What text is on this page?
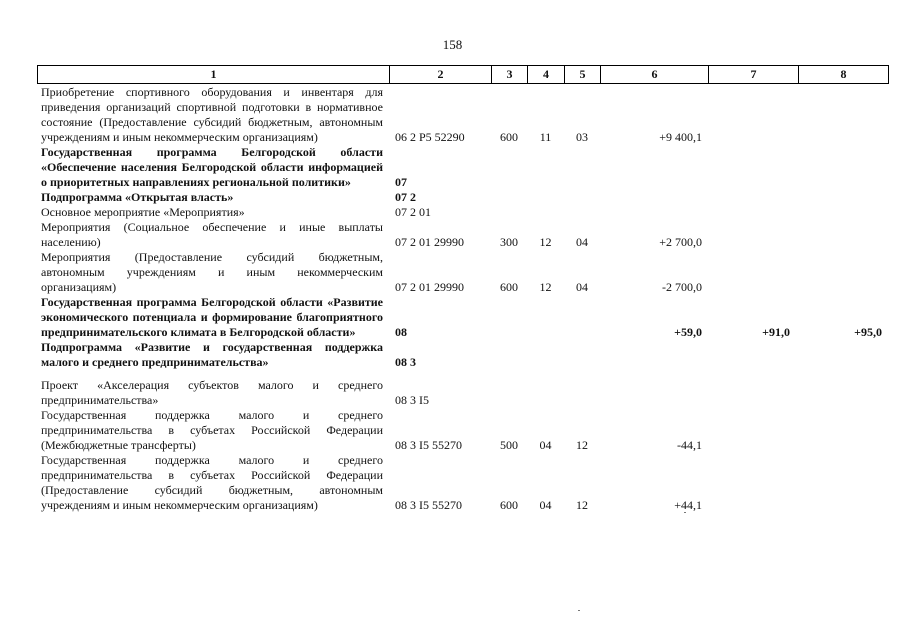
158
1	2	3	4	5	6	7	8
Приобретение спортивного оборудования и инвентаря для приведения организаций спортивной подготовки в нормативное состояние (Предоставление субсидий бюджетным, автономным учреждениям и иным некоммерческим организациям)	06 2 P5 52290	600	11	03	+9 400,1		
Государственная программа Белгородской области «Обеспечение населения Белгородской области информацией о приоритетных направлениях региональной политики»	07						
Подпрограмма «Открытая власть»	07 2						
Основное мероприятие «Мероприятия»	07 2 01						
Мероприятия (Социальное обеспечение и иные выплаты населению)	07 2 01 29990	300	12	04	+2 700,0		
Мероприятия (Предоставление субсидий бюджетным, автономным учреждениям и иным некоммерческим организациям)	07 2 01 29990	600	12	04	-2 700,0		
Государственная программа Белгородской области «Развитие экономического потенциала и формирование благоприятного предпринимательского климата в Белгородской области»	08				+59,0	+91,0	+95,0
Подпрограмма «Развитие и государственная поддержка малого и среднего предпринимательства»	08 3						
Проект «Акселерация субъектов малого и среднего предпринимательства»	08 3 I5						
Государственная поддержка малого и среднего предпринимательства в субъетах Российской Федерации (Межбюджетные трансферты)	08 3 I5 55270	500	04	12	-44,1		
Государственная поддержка малого и среднего предпринимательства в субъетах Российской Федерации (Предоставление субсидий бюджетным, автономным учреждениям и иным некоммерческим организациям)	08 3 I5 55270	600	04	12	+44,1		
